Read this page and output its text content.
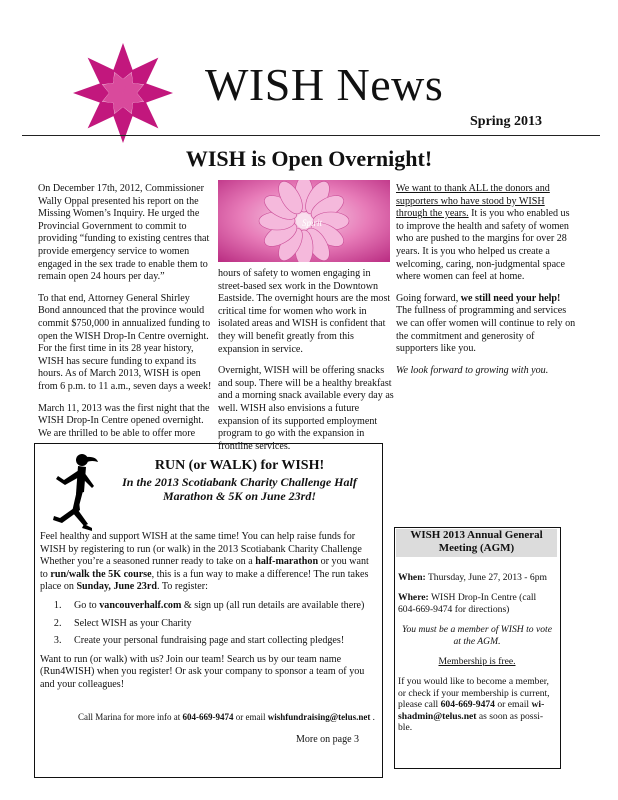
WISH News
Spring 2013
WISH is Open Overnight!

On December 17th, 2012, Commissioner Wally Oppal presented his report on the Missing Women’s Inquiry. He urged the Provincial Government to commit to providing “funding to existing centres that provide emergency service to women engaged in the sex trade to enable them to remain open 24 hours per day.”

To that end, Attorney General Shirley Bond announced that the province would commit $750,000 in annualized funding to open the WISH Drop-In Centre overnight. For the first time in its 28 year history, WISH has secure funding to expand its hours. As of March 2013, WISH is open from 6 p.m. to 11 a.m., seven days a week!

March 11, 2013 was the first night that the WISH Drop-In Centre opened overnight. We are thrilled to be able to offer more

Spirit

hours of safety to women engaging in street-based sex work in the Downtown Eastside. The overnight hours are the most critical time for women who work in isolated areas and WISH is confident that they will benefit greatly from this expansion in service.

Overnight, WISH will be offering snacks and soup. There will be a healthy breakfast and a morning snack available every day as well. WISH also envisions a future expansion of its supported employment program to go with the expansion in frontline services.

We want to thank ALL the donors and supporters who have stood by WISH through the years. It is you who enabled us to improve the health and safety of women who are pushed to the margins for over 28 years. It is you who helped us create a welcoming, caring, non-judgmental space where women can feel at home.

Going forward, we still need your help! The fullness of programming and services we can offer women will continue to rely on the commitment and generosity of supporters like you.

We look forward to growing with you.

RUN (or WALK) for WISH!
In the 2013 Scotiabank Charity Challenge Half Marathon & 5K on June 23rd!

Feel healthy and support WISH at the same time! You can help raise funds for WISH by registering to run (or walk) in the 2013 Scotiabank Charity Challenge Whether you’re a seasoned runner ready to take on a half-marathon or you want to run/walk the 5K course, this is a fun way to make a difference! The run takes place on Sunday, June 23rd. To register:

1. Go to vancouverhalf.com & sign up (all run details are available there)
2. Select WISH as your Charity
3. Create your personal fundraising page and start collecting pledges!

Want to run (or walk) with us? Join our team! Search us by our team name (Run4WISH) when you register! Or ask your company to sponsor a team of you and your colleagues!

Call Marina for more info at 604-669-9474 or email wishfundraising@telus.net .
More on page 3
WISH 2013 Annual General Meeting (AGM)

When: Thursday, June 27, 2013 - 6pm

Where: WISH Drop-In Centre (call 604-669-9474 for directions)

You must be a member of WISH to vote at the AGM.

Membership is free.

If you would like to become a member, or check if your membership is current, please call 604-669-9474 or email wi-shadmin@telus.net as soon as possi-ble.
